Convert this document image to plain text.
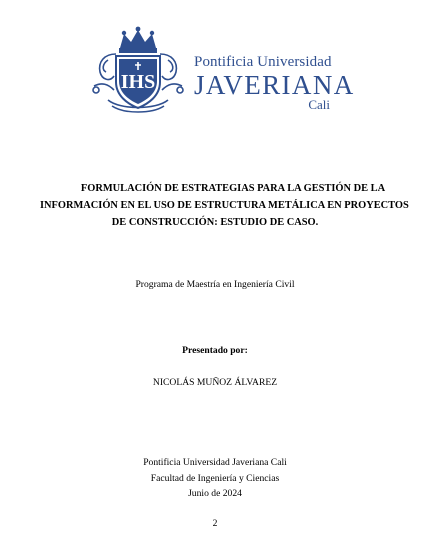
IHS
Pontificia Universidad
JAVERIANA
Cali
FORMULACIÓN DE ESTRATEGIAS PARA LA GESTIÓN DE LA
INFORMACIÓN EN EL USO DE ESTRUCTURA METÁLICA EN PROYECTOS
DE CONSTRUCCIÓN: ESTUDIO DE CASO.
Programa de Maestría en Ingeniería Civil
Presentado por:
NICOLÁS MUÑOZ ÁLVAREZ
Pontificia Universidad Javeriana Cali
Facultad de Ingeniería y Ciencias
Junio de 2024
2
